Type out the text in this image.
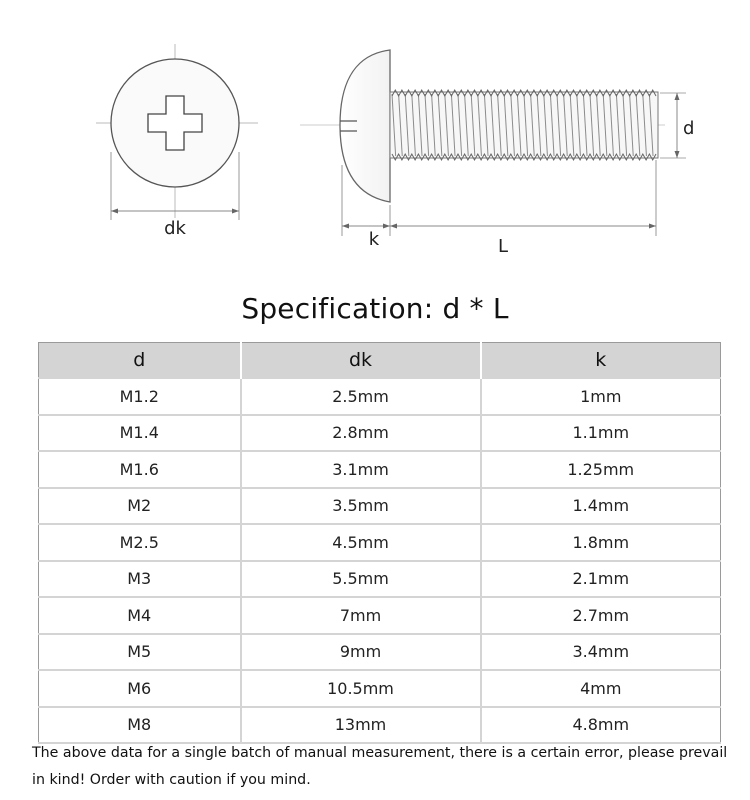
dk
d
k	L
Specification: d * L
d	dk	k
M1.2	2.5mm	1mm
M1.4	2.8mm	1.1mm
M1.6	3.1mm	1.25mm
M2	3.5mm	1.4mm
M2.5	4.5mm	1.8mm
M3	5.5mm	2.1mm
M4	7mm	2.7mm
M5	9mm	3.4mm
M6	10.5mm	4mm
M8	13mm	4.8mm
The above data for a single batch of manual measurement, there is a certain error, please prevail in kind! Order with caution if you mind.
